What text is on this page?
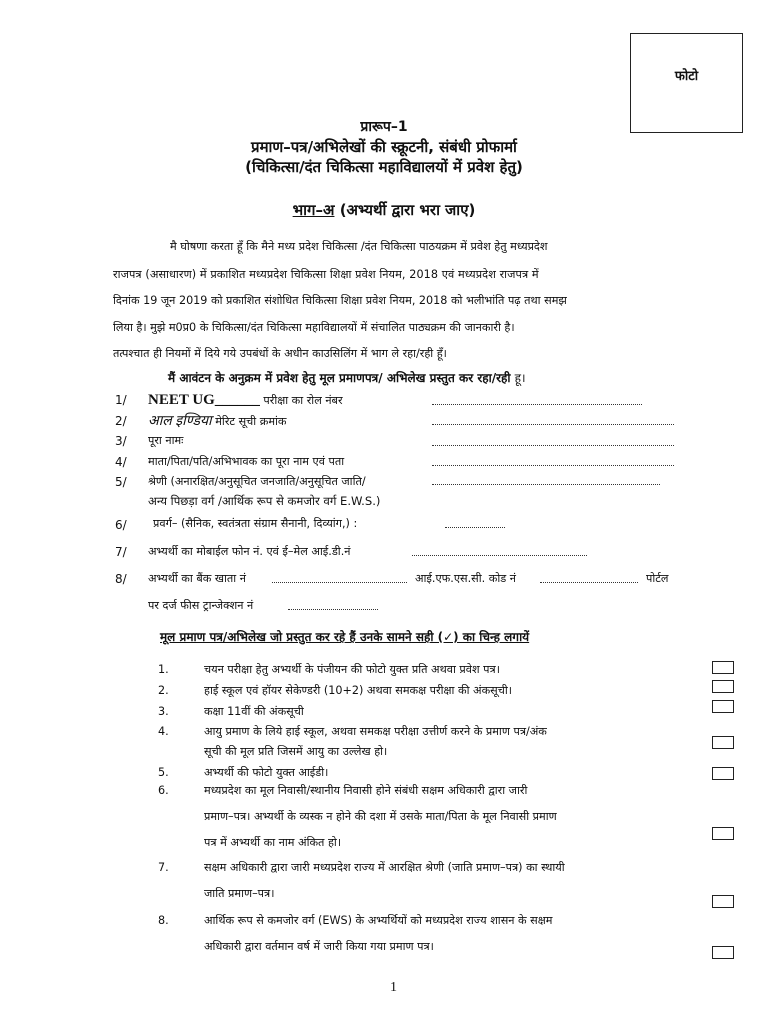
फोटो
प्रारूप–1
प्रमाण–पत्र/अभिलेखों की स्क्रूटनी, संबंधी प्रोफार्मा
(चिकित्सा/दंत चिकित्सा महाविद्यालयों में प्रवेश हेतु)
भाग–अ (अभ्यर्थी द्वारा भरा जाए)
मै घोषणा करता हूँ कि मैने मध्य प्रदेश चिकित्सा /दंत चिकित्सा पाठयक्रम में प्रवेश हेतु मध्यप्रदेश
राजपत्र (असाधारण) में प्रकाशित मध्यप्रदेश चिकित्सा शिक्षा प्रवेश नियम, 2018 एवं मध्यप्रदेश राजपत्र में
दिनांक 19 जून 2019 को प्रकाशित संशोधित चिकित्सा शिक्षा प्रवेश नियम, 2018 को भलीभांति पढ़ तथा समझ
लिया है। मुझे म0प्र0 के चिकित्सा/दंत चिकित्सा महाविद्यालयों में संचालित पाठ्यक्रम की जानकारी है।
तत्पश्चात ही नियमों में दिये गये उपबंधों के अधीन काउसिलिंग में भाग ले रहा/रही हूँ।
मैं आवंटन के अनुक्रम में प्रवेश हेतु मूल प्रमाणपत्र/ अभिलेख प्रस्तुत कर रहा/रही हू।
1/ NEET UG______ परीक्षा का रोल नंबर
2/ आल इण्डिया मेरिट सूची क्रमांक
3/ पूरा नामः
4/ माता/पिता/पति/अभिभावक का पूरा नाम एवं पता
5/ श्रेणी (अनारक्षित/अनुसूचित जनजाति/अनुसूचित जाति/
अन्य पिछड़ा वर्ग /आर्थिक रूप से कमजोर वर्ग E.W.S.)
6/ प्रवर्ग– (सैनिक, स्वतंत्रता संग्राम सैनानी, दिव्यांग,) :
7/ अभ्यर्थी का मोबाईल फोन नं. एवं ई–मेल आई.डी.नं
8/ अभ्यर्थी का बैंक खाता नं	आई.एफ.एस.सी. कोड नं	पोर्टल
पर दर्ज फीस ट्रान्जेक्शन नं
मूल प्रमाण पत्र/अभिलेख जो प्रस्तुत कर रहे हैं उनके सामने सही (✓) का चिन्ह लगायें
1.	चयन परीक्षा हेतु अभ्यर्थी के पंजीयन की फोटो युक्त प्रति अथवा प्रवेश पत्र।
2.	हाई स्कूल एवं हॉयर सेकेण्डरी (10+2) अथवा समकक्ष परीक्षा की अंकसूची।
3.	कक्षा 11वीं की अंकसूची
4.	आयु प्रमाण के लिये हाई स्कूल, अथवा समकक्ष परीक्षा उत्तीर्ण करने के प्रमाण पत्र/अंक
सूची की मूल प्रति जिसमें आयु का उल्लेख हो।
5.	अभ्यर्थी की फोटो युक्त आईडी।
6.	मध्यप्रदेश का मूल निवासी/स्थानीय निवासी होने संबंधी सक्षम अधिकारी द्वारा जारी
प्रमाण–पत्र। अभ्यर्थी के व्यस्क न होने की दशा में उसके माता/पिता के मूल निवासी प्रमाण
पत्र में अभ्यर्थी का नाम अंकित हो।
7.	सक्षम अधिकारी द्वारा जारी मध्यप्रदेश राज्य में आरक्षित श्रेणी (जाति प्रमाण–पत्र) का स्थायी
जाति प्रमाण–पत्र।
8.	आर्थिक रूप से कमजोर वर्ग (EWS) के अभ्यर्थियों को मध्यप्रदेश राज्य शासन के सक्षम
अधिकारी द्वारा वर्तमान वर्ष में जारी किया गया प्रमाण पत्र।
1
